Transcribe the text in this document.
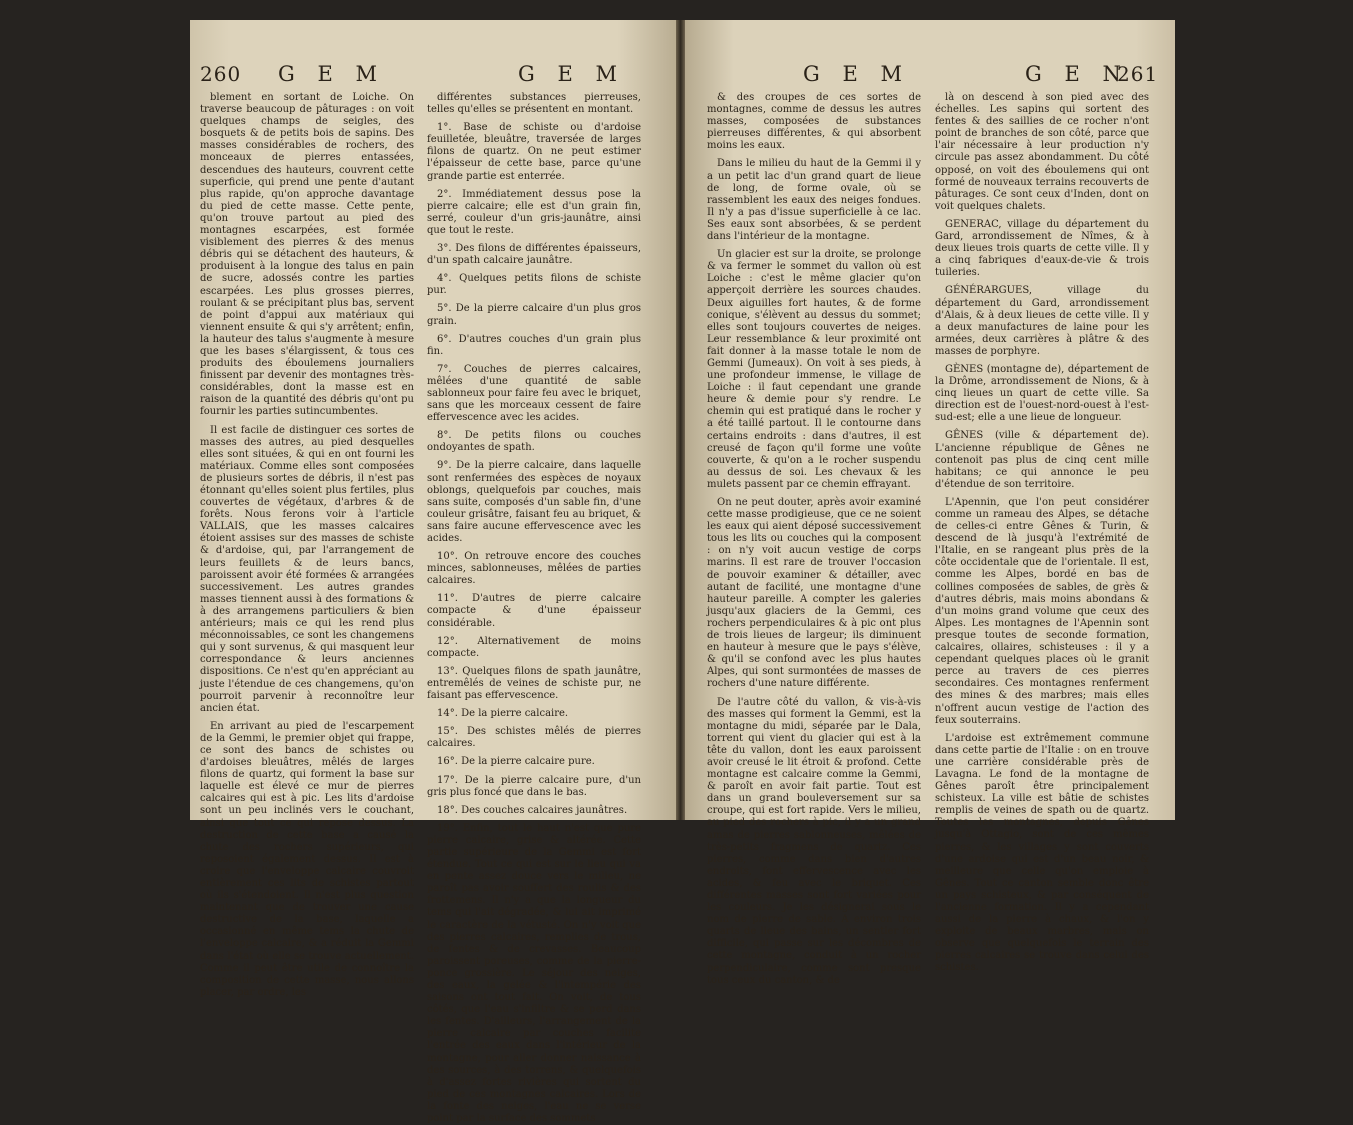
260 G E M	G E M

blement en sortant de Loiche. On traverse beaucoup de pâturages : on voit quelques champs de seigles, des bosquets & de petits bois de sapins. Des masses considérables de rochers, des monceaux de pierres entassées, descendues des hauteurs, couvrent cette superficie, qui prend une pente d'autant plus rapide, qu'on approche davantage du pied de cette masse. Cette pente, qu'on trouve partout au pied des montagnes escarpées, est formée visiblement des pierres & des menus débris qui se détachent des hauteurs, & produisent à la longue des talus en pain de sucre, adossés contre les parties escarpées. Les plus grosses pierres, roulant & se précipitant plus bas, servent de point d'appui aux matériaux qui viennent ensuite & qui s'y arrêtent; enfin, la hauteur des talus s'augmente à mesure que les bases s'élargissent, & tous ces produits des éboulemens journaliers finissent par devenir des montagnes très-considérables, dont la masse est en raison de la quantité des débris qu'ont pu fournir les parties sutincumbentes.

Il est facile de distinguer ces sortes de masses des autres, au pied desquelles elles sont situées, & qui en ont fourni les matériaux. Comme elles sont composées de plusieurs sortes de débris, il n'est pas étonnant qu'elles soient plus fertiles, plus couvertes de végétaux, d'arbres & de forêts. Nous ferons voir à l'article VALLAIS, que les masses calcaires étoient assises sur des masses de schiste & d'ardoise, qui, par l'arrangement de leurs feuillets & de leurs bancs, paroissent avoir été formées & arrangées successivement. Les autres grandes masses tiennent aussi à des formations & à des arrangemens particuliers & bien antérieurs; mais ce qui les rend plus méconnoissables, ce sont les changemens qui y sont survenus, & qui masquent leur correspondance & leurs anciennes dispositions. Ce n'est qu'en appréciant au juste l'étendue de ces changemens, qu'on pourroit parvenir à reconnoître leur ancien état.

En arrivant au pied de l'escarpement de la Gemmi, le premier objet qui frappe, ce sont des bancs de schistes ou d'ardoises bleuâtres, mêlés de larges filons de quartz, qui forment la base sur laquelle est élevé ce mur de pierres calcaires qui est à pic. Les lits d'ardoise sont un peu inclinés vers le couchant, ainsi que tout ce qui repose dessus. La destruction de cette base a causé la chute des rochers supérieurs, qui reposoient également dessus. Il est à croire que l'enveloppe calcaire couvroit entièrement ces lits de schistes partout où ils s'étendoient. Il n'est plus question maintenant que de trouver une cause destructive de la base, laquelle a occasionné en même tems la chute de l'enveloppe calcaire, & a réduit la Gemmi dans l'état où elle se trouve actuellement. Comme il peut être utile de connoître la composition de cette masse, nous allons placer, par ordre, les

différentes substances pierreuses, telles qu'elles se présentent en montant.

1°. Base de schiste ou d'ardoise feuilletée, bleuâtre, traversée de larges filons de quartz. On ne peut estimer l'épaisseur de cette base, parce qu'une grande partie est enterrée.

2°. Immédiatement dessus pose la pierre calcaire; elle est d'un grain fin, serré, couleur d'un gris-jaunâtre, ainsi que tout le reste.

3°. Des filons de différentes épaisseurs, d'un spath calcaire jaunâtre.

4°. Quelques petits filons de schiste pur.

5°. De la pierre calcaire d'un plus gros grain.

6°. D'autres couches d'un grain plus fin.

7°. Couches de pierres calcaires, mêlées d'une quantité de sable sablonneux pour faire feu avec le briquet, sans que les morceaux cessent de faire effervescence avec les acides.

8°. De petits filons ou couches ondoyantes de spath.

9°. De la pierre calcaire, dans laquelle sont renfermées des espèces de noyaux oblongs, quelquefois par couches, mais sans suite, composés d'un sable fin, d'une couleur grisâtre, faisant feu au briquet, & sans faire aucune effervescence avec les acides.

10°. On retrouve encore des couches minces, sablonneuses, mêlées de parties calcaires.

11°. D'autres de pierre calcaire compacte & d'une épaisseur considérable.

12°. Alternativement de moins compacte.

13°. Quelques filons de spath jaunâtre, entremêlés de veines de schiste pur, ne faisant pas effervescence.

14°. De la pierre calcaire.

15°. Des schistes mêlés de pierres calcaires.

16°. De la pierre calcaire pure.

17°. De la pierre calcaire pure, d'un gris plus foncé que dans le bas.

18°. Des couches calcaires jaunâtres.

19°. Enfin, tout le haut n'est que pure pierre calcaire, grise & altérée. Cette partie supérieure de la Gemmi est fort étendue. Tout ce qui est sur le lieu qui va en pente assez douce vers le milieu, ne paroît pas avoir souffert des roulis & des frottemens. Il n'y a que la longueur du tems qui l'ait dégradée, & lui ait imprimé le caractère de la vétusté. On n'y voit que des pierres calcaires, remplies de trous, de fentes & de crevasses. Beaucoup paroissent poreuses, comme de la pierre-ponce grossière. Le séjour des neiges, des eaux, la gelée & l'intempérie des saisons ont tout fait. On voit, de tous côtés, que l'eau s'infiltre & se perd dans les fentes. D'ailleurs, l'arrangement de la pierre calcaire par couches facilite l'entrée des eaux dans l'intérieur de la montagne, pour aller donner naissance à des sources, à des torrens, & quelquefois à d'assez fortes rivières qui sortent du pied de ces montagnes calcaires. Lors de la fonte des neiges, l'eau ne se verse point par la surface des sommets

G E M	G E N
261

& des croupes de ces sortes de montagnes, comme de dessus les autres masses, composées de substances pierreuses différentes, & qui absorbent moins les eaux.

Dans le milieu du haut de la Gemmi il y a un petit lac d'un grand quart de lieue de long, de forme ovale, où se rassemblent les eaux des neiges fondues. Il n'y a pas d'issue superficielle à ce lac. Ses eaux sont absorbées, & se perdent dans l'intérieur de la montagne.

Un glacier est sur la droite, se prolonge & va fermer le sommet du vallon où est Loiche : c'est le même glacier qu'on apperçoit derrière les sources chaudes. Deux aiguilles fort hautes, & de forme conique, s'élèvent au dessus du sommet; elles sont toujours couvertes de neiges. Leur ressemblance & leur proximité ont fait donner à la masse totale le nom de Gemmi (Jumeaux). On voit à ses pieds, à une profondeur immense, le village de Loiche : il faut cependant une grande heure & demie pour s'y rendre. Le chemin qui est pratiqué dans le rocher y a été taillé partout. Il le contourne dans certains endroits : dans d'autres, il est creusé de façon qu'il forme une voûte couverte, & qu'on a le rocher suspendu au dessus de soi. Les chevaux & les mulets passent par ce chemin effrayant.

On ne peut douter, après avoir examiné cette masse prodigieuse, que ce ne soient les eaux qui aient déposé successivement tous les lits ou couches qui la composent : on n'y voit aucun vestige de corps marins. Il est rare de trouver l'occasion de pouvoir examiner & détailler, avec autant de facilité, une montagne d'une hauteur pareille. A compter les galeries jusqu'aux glaciers de la Gemmi, ces rochers perpendiculaires & à pic ont plus de trois lieues de largeur; ils diminuent en hauteur à mesure que le pays s'élève, & qu'il se confond avec les plus hautes Alpes, qui sont surmontées de masses de rochers d'une nature différente.

De l'autre côté du vallon, & vis-à-vis des masses qui forment la Gemmi, est la montagne du midi, séparée par le Dala, torrent qui vient du glacier qui est à la tête du vallon, dont les eaux paroissent avoir creusé le lit étroit & profond. Cette montagne est calcaire comme la Gemmi, & paroît en avoir fait partie. Tout est dans un grand bouleversement sur sa croupe, qui est fort rapide. Vers le milieu, au pied des rochers à pic, il y a un grand amas de pierres sablonneuses, mêlées de très-petits fragmens de quartz. Ces pierres, comme dans bien d'autres endroits, font effervescence avec les acides, & feu avec le briquet. Ces différentes masses sont fort variées pour les couleurs. Je les désignerai sous le nom de pierre de sable. A environ trois quarts de lieue des bains, un sentier fort difficile, qui passe sur les décombres de cette montagne, conduit à un rocher perpendiculaire, comme sont presque tous ceux du canton, & de

là on descend à son pied avec des échelles. Les sapins qui sortent des fentes & des saillies de ce rocher n'ont point de branches de son côté, parce que l'air nécessaire à leur production n'y circule pas assez abondamment. Du côté opposé, on voit des éboulemens qui ont formé de nouveaux terrains recouverts de pâturages. Ce sont ceux d'Inden, dont on voit quelques chalets.

GENERAC, village du département du Gard, arrondissement de Nîmes, & à deux lieues trois quarts de cette ville. Il y a cinq fabriques d'eaux-de-vie & trois tuileries.

GÉNÉRARGUES, village du département du Gard, arrondissement d'Alais, & à deux lieues de cette ville. Il y a deux manufactures de laine pour les armées, deux carrières à plâtre & des masses de porphyre.

GÈNES (montagne de), département de la Drôme, arrondissement de Nions, & à cinq lieues un quart de cette ville. Sa direction est de l'ouest-nord-ouest à l'est-sud-est; elle a une lieue de longueur.

GÊNES (ville & département de). L'ancienne république de Gênes ne contenoit pas plus de cinq cent mille habitans; ce qui annonce le peu d'étendue de son territoire.

L'Apennin, que l'on peut considérer comme un rameau des Alpes, se détache de celles-ci entre Gênes & Turin, & descend de là jusqu'à l'extrémité de l'Italie, en se rangeant plus près de la côte occidentale que de l'orientale. Il est, comme les Alpes, bordé en bas de collines composées de sables, de grès & d'autres débris, mais moins abondans & d'un moins grand volume que ceux des Alpes. Les montagnes de l'Apennin sont presque toutes de seconde formation, calcaires, ollaires, schisteuses : il y a cependant quelques places où le granit perce au travers de ces pierres secondaires. Ces montagnes renferment des mines & des marbres; mais elles n'offrent aucun vestige de l'action des feux souterrains.

L'ardoise est extrêmement commune dans cette partie de l'Italie : on en trouve une carrière considérable près de Lavagna. Le fond de la montagne de Gênes paroît être principalement schisteux. La ville est bâtie de schistes remplis de veines de spath ou de quartz. Toutes les montagnes, depuis Gênes jusqu'à Ottagio, sont de ces mêmes pierres, & les villages y sont couverts d'une ardoise qui est d'un beau noir, & meilleure que celle qu'on emploie à Gênes. Tout ce canton semble donc être un pays schisteux, & par conséquent de l'ancienne formation. Il y a cependant aussi de la pierre à chaux, & l'on y exploite de beaux marbres, mais on observe que quelquefois le terrain des pierres calcaires se trouve dans celui des schistes.
